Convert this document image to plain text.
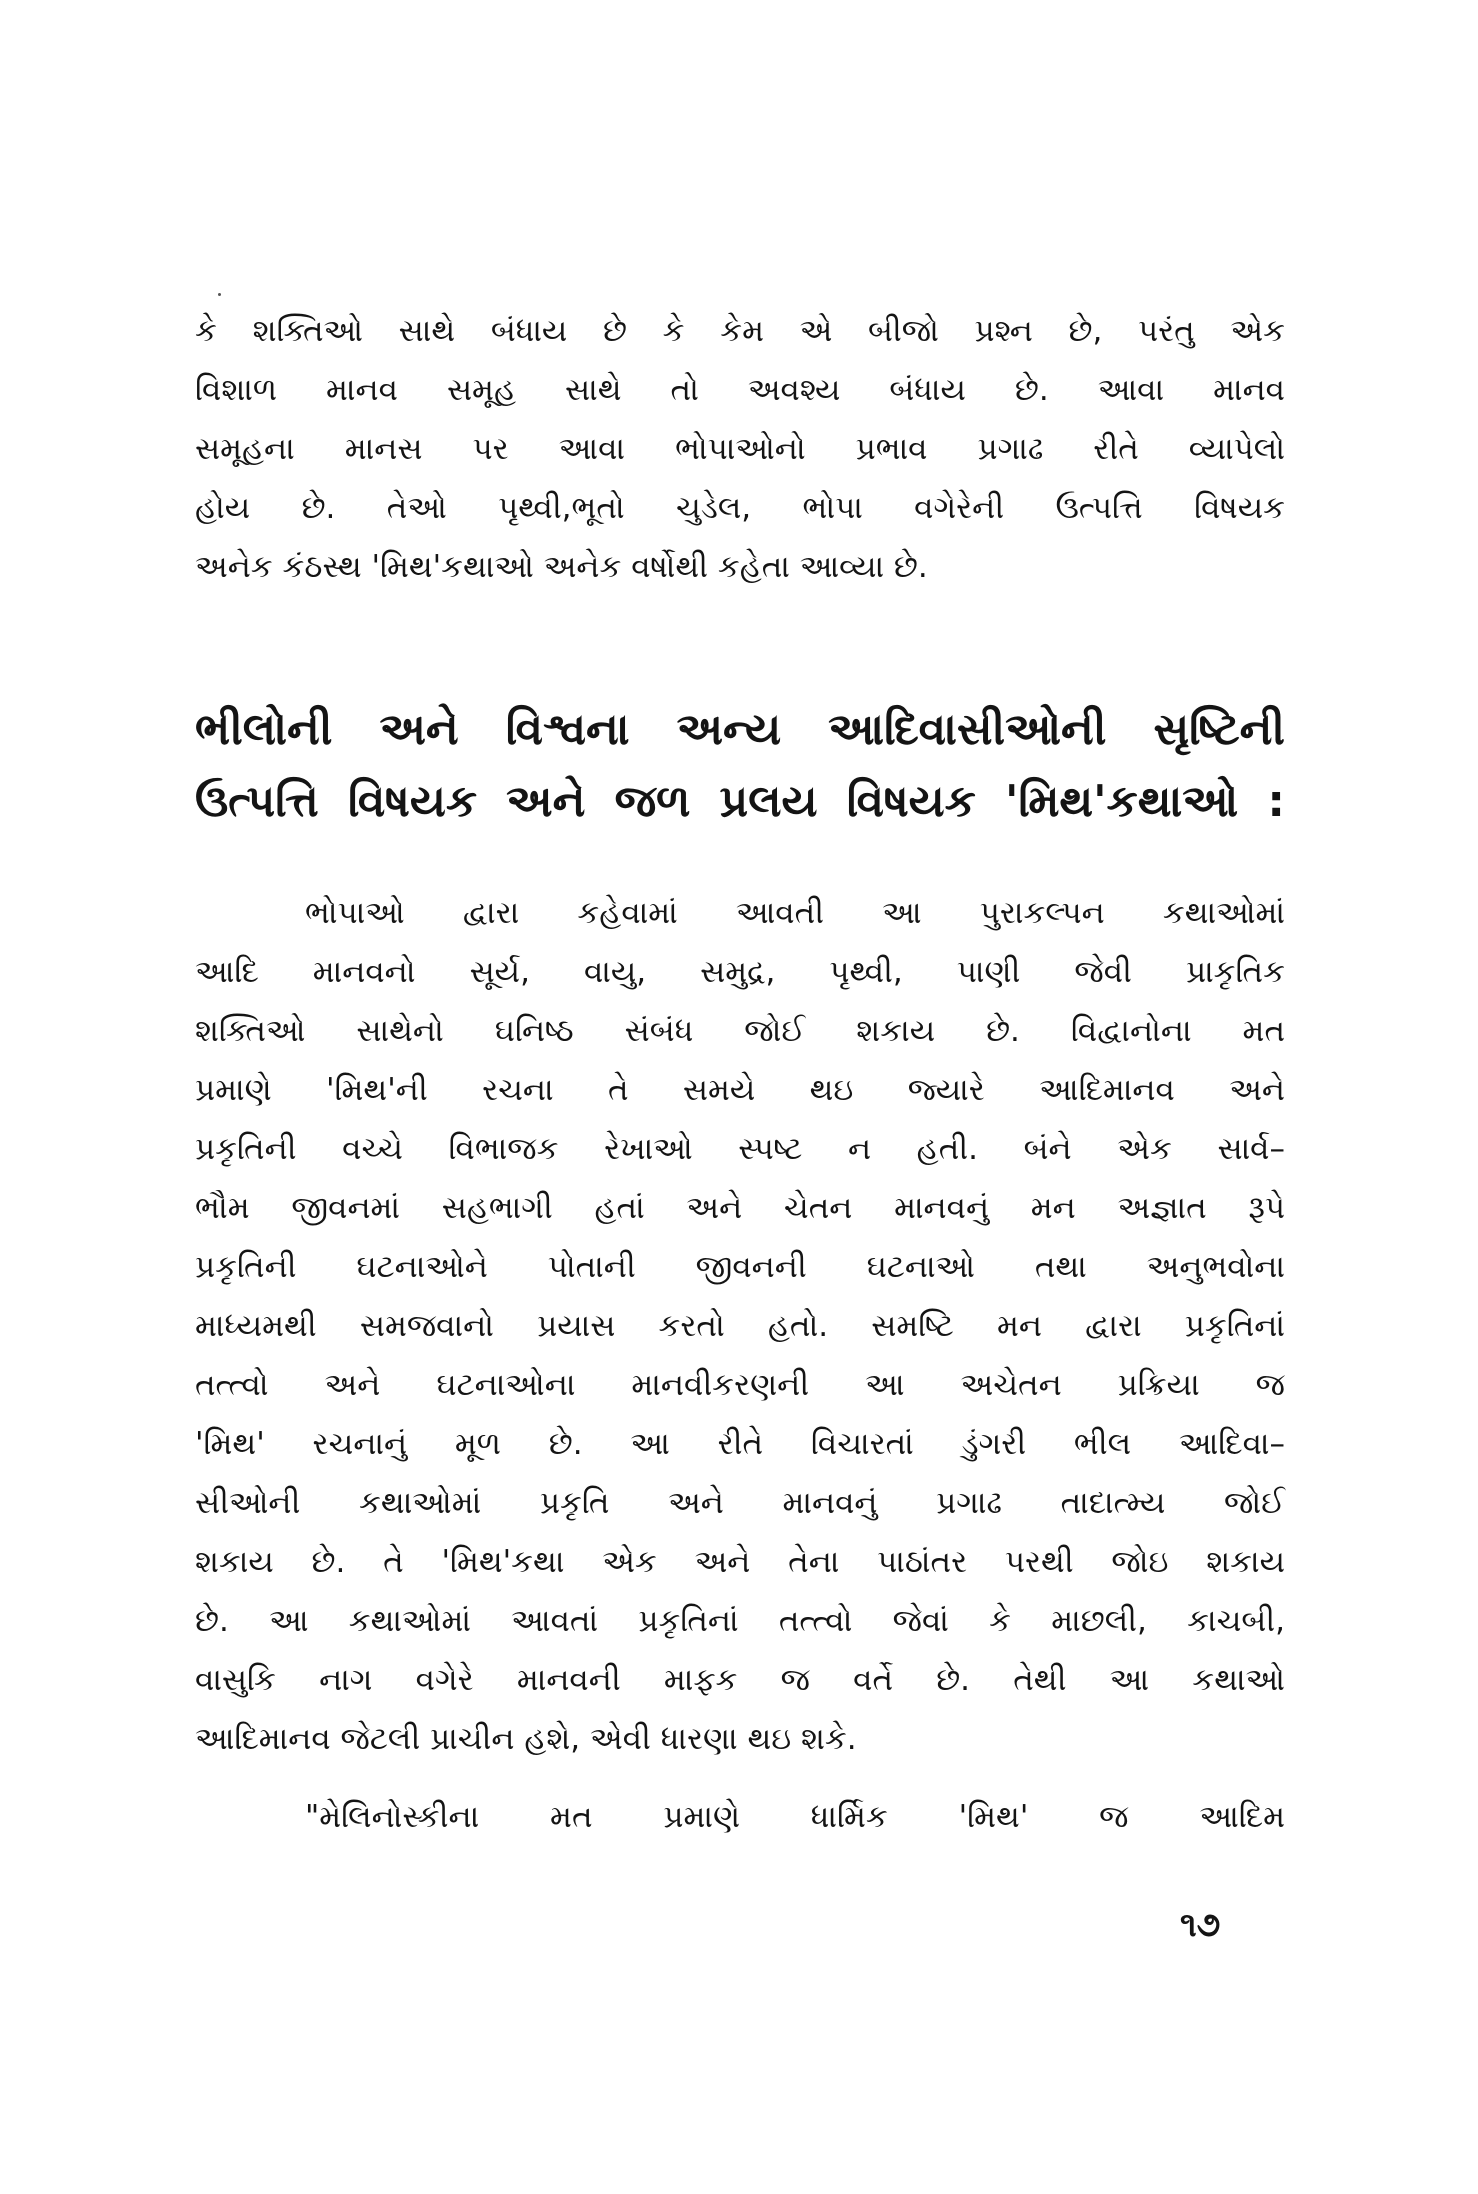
કે શક્તિઓ સાથે બંધાય છે કે કેમ એ બીજો પ્રશ્ન છે, પરંતુ એક
વિશાળ માનવ સમૂહ સાથે તો અવશ્ય બંધાય છે. આવા માનવ
સમૂહના માનસ પર આવા ભોપાઓનો પ્રભાવ પ્રગાઢ રીતે વ્યાપેલો
હોય છે. તેઓ પૃથ્વી,ભૂતો ચુડેલ, ભોપા વગેરેની ઉત્પત્તિ વિષયક
અનેક કંઠસ્થ 'મિથ'કથાઓ અનેક વર્ષોથી કહેતા આવ્યા છે.
ભીલોની અને વિશ્વના અન્ય આદિવાસીઓની સૃષ્ટિની
ઉત્પત્તિ વિષયક અને જળ પ્રલય વિષયક 'મિથ'કથાઓ :
ભોપાઓ દ્વારા કહેવામાં આવતી આ પુરાકલ્પન કથાઓમાં
આદિ માનવનો સૂર્ય, વાયુ, સમુદ્ર, પૃથ્વી, પાણી જેવી પ્રાકૃતિક
શક્તિઓ સાથેનો ઘનિષ્ઠ સંબંધ જોઈ શકાય છે. વિદ્વાનોના મત
પ્રમાણે 'મિથ'ની રચના તે સમયે થઇ જ્યારે આદિમાનવ અને
પ્રકૃતિની વચ્ચે વિભાજક રેખાઓ સ્પષ્ટ ન હતી. બંને એક સાર્વ–
ભૌમ જીવનમાં સહભાગી હતાં અને ચેતન માનવનું મન અજ્ઞાત રૂપે
પ્રકૃતિની ઘટનાઓને પોતાની જીવનની ઘટનાઓ તથા અનુભવોના
માધ્યમથી સમજવાનો પ્રયાસ કરતો હતો. સમષ્ટિ મન દ્વારા પ્રકૃતિનાં
તત્ત્વો અને ઘટનાઓના માનવીકરણની આ અચેતન પ્રક્રિયા જ
'મિથ' રચનાનું મૂળ છે. આ રીતે વિચારતાં ડુંગરી ભીલ આદિવા–
સીઓની કથાઓમાં પ્રકૃતિ અને માનવનું પ્રગાઢ તાદાત્મ્ય જોઈ
શકાય છે. તે 'મિથ'કથા એક અને તેના પાઠાંતર પરથી જોઇ શકાય
છે. આ કથાઓમાં આવતાં પ્રકૃતિનાં તત્ત્વો જેવાં કે માછલી, કાચબી,
વાસુકિ નાગ વગેરે માનવની માફક જ વર્તે છે. તેથી આ કથાઓ
આદિમાનવ જેટલી પ્રાચીન હશે, એવી ધારણા થઇ શકે.
"મેલિનોસ્કીના મત પ્રમાણે ધાર્મિક 'મિથ' જ આદિમ
૧૭
